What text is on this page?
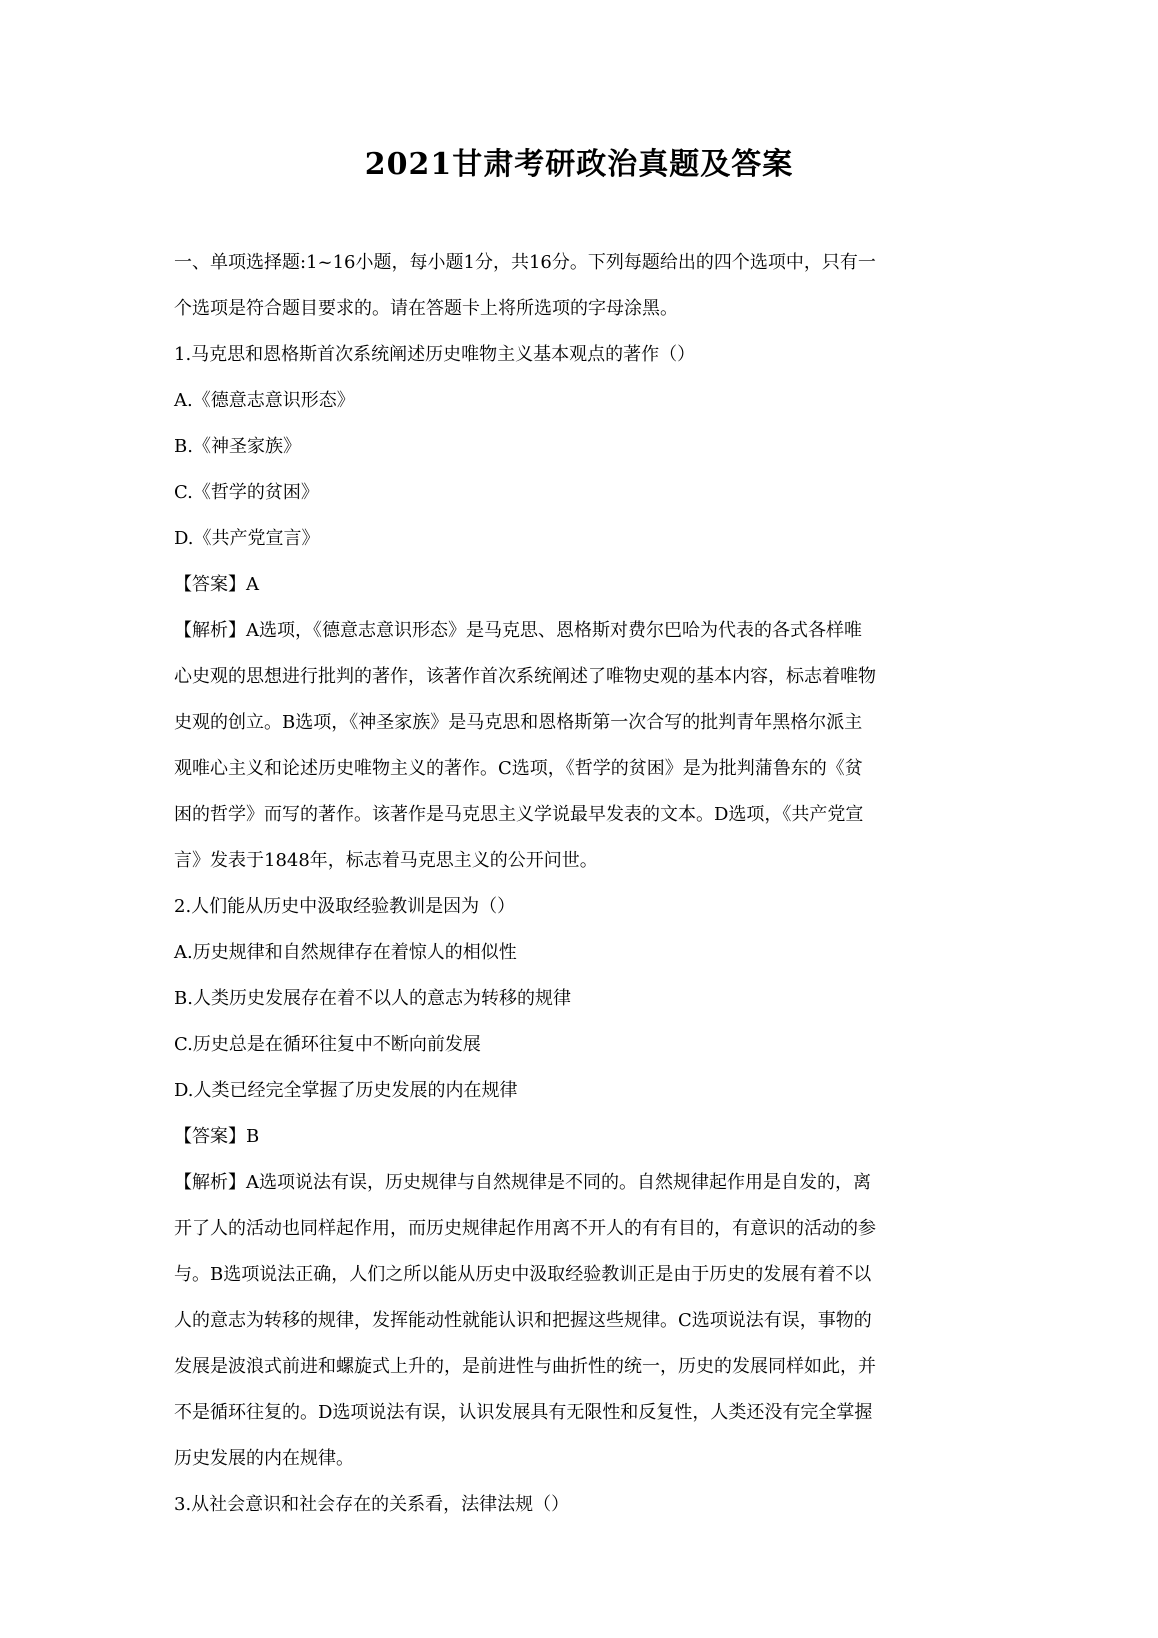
2021甘肃考研政治真题及答案
一、单项选择题:1~16小题，每小题1分，共16分。下列每题给出的四个选项中，只有一
个选项是符合题目要求的。请在答题卡上将所选项的字母涂黑。
1.马克思和恩格斯首次系统阐述历史唯物主义基本观点的著作（）
A.《德意志意识形态》
B.《神圣家族》
C.《哲学的贫困》
D.《共产党宣言》
【答案】A
【解析】A选项，《德意志意识形态》是马克思、恩格斯对费尔巴哈为代表的各式各样唯
心史观的思想进行批判的著作，该著作首次系统阐述了唯物史观的基本内容，标志着唯物
史观的创立。B选项，《神圣家族》是马克思和恩格斯第一次合写的批判青年黑格尔派主
观唯心主义和论述历史唯物主义的著作。C选项，《哲学的贫困》是为批判蒲鲁东的《贫
困的哲学》而写的著作。该著作是马克思主义学说最早发表的文本。D选项，《共产党宣
言》发表于1848年，标志着马克思主义的公开问世。
2.人们能从历史中汲取经验教训是因为（）
A.历史规律和自然规律存在着惊人的相似性
B.人类历史发展存在着不以人的意志为转移的规律
C.历史总是在循环往复中不断向前发展
D.人类已经完全掌握了历史发展的内在规律
【答案】B
【解析】A选项说法有误，历史规律与自然规律是不同的。自然规律起作用是自发的，离
开了人的活动也同样起作用，而历史规律起作用离不开人的有有目的，有意识的活动的参
与。B选项说法正确，人们之所以能从历史中汲取经验教训正是由于历史的发展有着不以
人的意志为转移的规律，发挥能动性就能认识和把握这些规律。C选项说法有误，事物的
发展是波浪式前进和螺旋式上升的，是前进性与曲折性的统一，历史的发展同样如此，并
不是循环往复的。D选项说法有误，认识发展具有无限性和反复性，人类还没有完全掌握
历史发展的内在规律。
3.从社会意识和社会存在的关系看，法律法规（）
